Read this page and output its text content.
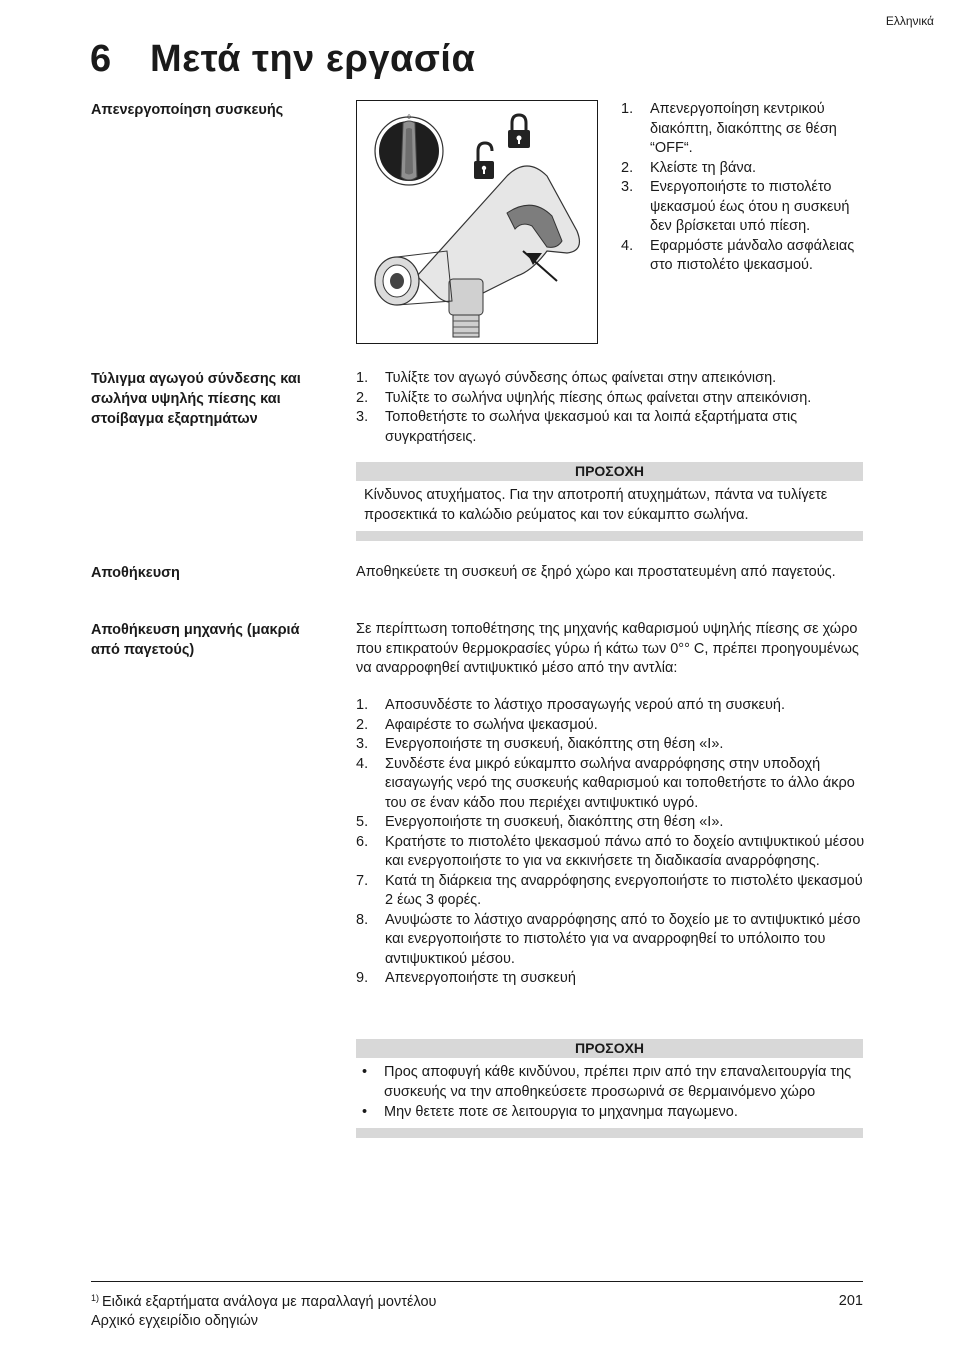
Ελληνικά
6 Μετά την εργασία
Απενεργοποίηση συσκευής	0
1. Απενεργοποίηση κεντρικού διακόπτη, διακόπτης σε θέση “OFF“.
2. Κλείστε τη βάνα.
3. Ενεργοποιήστε το πιστολέτο ψεκασμού έως ότου η συσκευή δεν βρίσκεται υπό πίεση.
4. Εφαρμόστε μάνδαλο ασφάλειας στο πιστολέτο ψεκασμού.
Τύλιγμα αγωγού σύνδεσης και σωλήνα υψηλής πίεσης και στοίβαγμα εξαρτημάτων
1. Τυλίξτε τον αγωγό σύνδεσης όπως φαίνεται στην απεικόνιση.
2. Τυλίξτε το σωλήνα υψηλής πίεσης όπως φαίνεται στην απεικόνιση.
3. Τοποθετήστε το σωλήνα ψεκασμού και τα λοιπά εξαρτήματα στις συγκρατήσεις.
ΠΡΟΣΟΧΗ
Κίνδυνος ατυχήματος. Για την αποτροπή ατυχημάτων, πάντα να τυλίγετε προσεκτικά το καλώδιο ρεύματος και τον εύκαμπτο σωλήνα.
Αποθήκευση	Αποθηκεύετε τη συσκευή σε ξηρό χώρο και προστατευμένη από παγετούς.
Αποθήκευση μηχανής (μακριά από παγετούς)
Σε περίπτωση τοποθέτησης της μηχανής καθαρισμού υψηλής πίεσης σε χώρο που επικρατούν θερμοκρασίες γύρω ή κάτω των 0°° C, πρέπει προηγουμένως να αναρροφηθεί αντιψυκτικό μέσο από την αντλία:
1. Αποσυνδέστε το λάστιχο προσαγωγής νερού από τη συσκευή.
2. Αφαιρέστε το σωλήνα ψεκασμού.
3. Ενεργοποιήστε τη συσκευή, διακόπτης στη θέση «I».
4. Συνδέστε ένα μικρό εύκαμπτο σωλήνα αναρρόφησης στην υποδοχή εισαγωγής νερό της συσκευής καθαρισμού και τοποθετήστε το άλλο άκρο του σε έναν κάδο που περιέχει αντιψυκτικό υγρό.
5. Ενεργοποιήστε τη συσκευή, διακόπτης στη θέση «I».
6. Κρατήστε το πιστολέτο ψεκασμού πάνω από το δοχείο αντιψυκτικού μέσου και ενεργοποιήστε το για να εκκινήσετε τη διαδικασία αναρρόφησης.
7. Κατά τη διάρκεια της αναρρόφησης ενεργοποιήστε το πιστολέτο ψεκασμού 2 έως 3 φορές.
8. Ανυψώστε το λάστιχο αναρρόφησης από το δοχείο με το αντιψυκτικό μέσο και ενεργοποιήστε το πιστολέτο για να αναρροφηθεί το υπόλοιπο του αντιψυκτικού μέσου.
9. Απενεργοποιήστε τη συσκευή
ΠΡΟΣΟΧΗ
• Προς αποφυγή κάθε κινδύνου, πρέπει πριν από την επαναλειτουργία της συσκευής να την αποθηκεύσετε προσωρινά σε θερμαινόμενο χώρο
• Μην θετετε ποτε σε λειτουργια το μηχανημα παγωμενο.
$^{1)}$ Ειδικά εξαρτήματα ανάλογα με παραλλαγή μοντέλου
Αρχικό εγχειρίδιο οδηγιών
201
